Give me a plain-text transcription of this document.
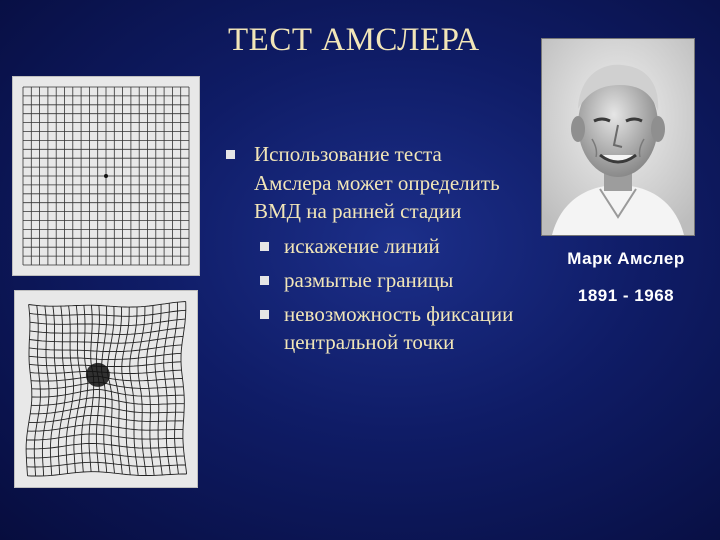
ТЕСТ АМСЛЕРА
Использование теста Амслера может определить ВМД на ранней стадии
искажение линий
размытые границы
невозможность фиксации центральной точки
Марк Амслер
1891 - 1968
